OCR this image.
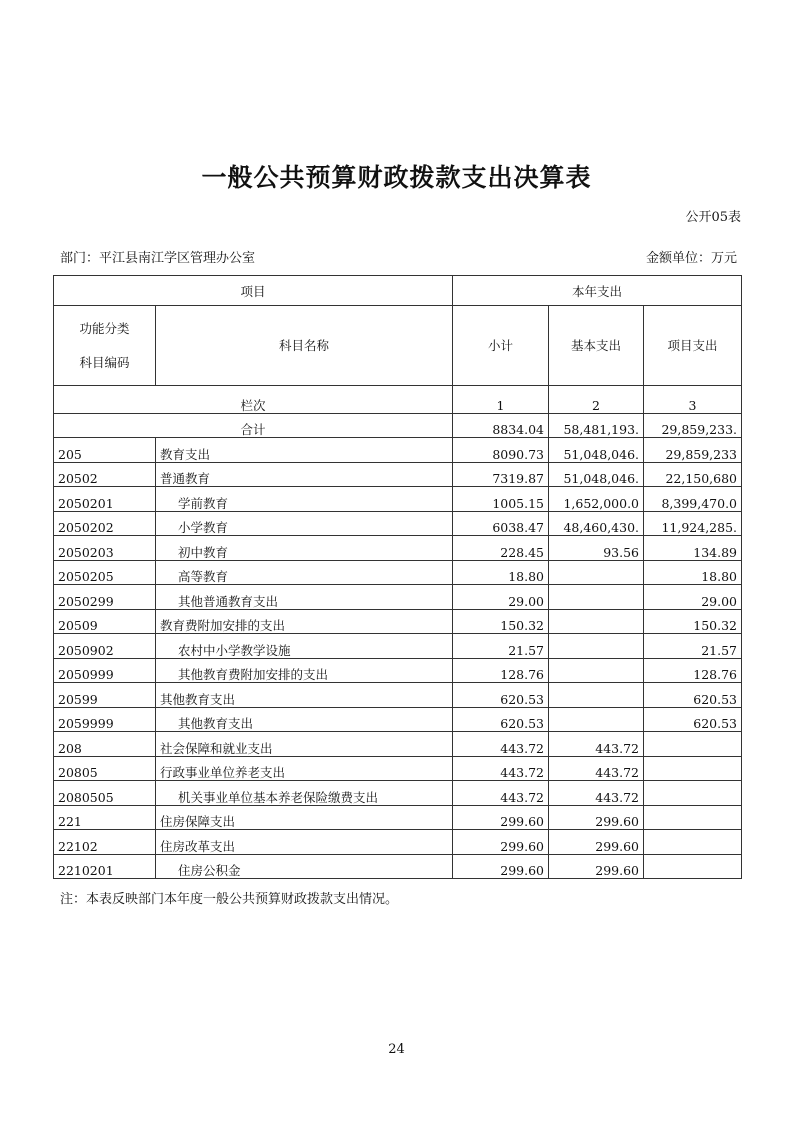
一般公共预算财政拨款支出决算表
公开05表
部门：平江县南江学区管理办公室	金额单位：万元
项目		本年支出		

功能分类
科目编码	科目名称	小计	基本支出	项目支出
栏次		1	2	3
合计		8834.04	58,481,193.	29,859,233.
205	教育支出	8090.73	51,048,046.	29,859,233
20502	普通教育	7319.87	51,048,046.	22,150,680
2050201	学前教育	1005.15	1,652,000.0	8,399,470.0
2050202	小学教育	6038.47	48,460,430.	11,924,285.
2050203	初中教育	228.45	93.56	134.89
2050205	高等教育	18.80		18.80
2050299	其他普通教育支出	29.00		29.00
20509	教育费附加安排的支出	150.32		150.32
2050902	农村中小学教学设施	21.57		21.57
2050999	其他教育费附加安排的支出	128.76		128.76
20599	其他教育支出	620.53		620.53
2059999	其他教育支出	620.53		620.53
208	社会保障和就业支出	443.72	443.72	
20805	行政事业单位养老支出	443.72	443.72	
2080505	机关事业单位基本养老保险缴费支出	443.72	443.72	
221	住房保障支出	299.60	299.60	
22102	住房改革支出	299.60	299.60	
2210201	住房公积金	299.60	299.60	
注：本表反映部门本年度一般公共预算财政拨款支出情况。
24
